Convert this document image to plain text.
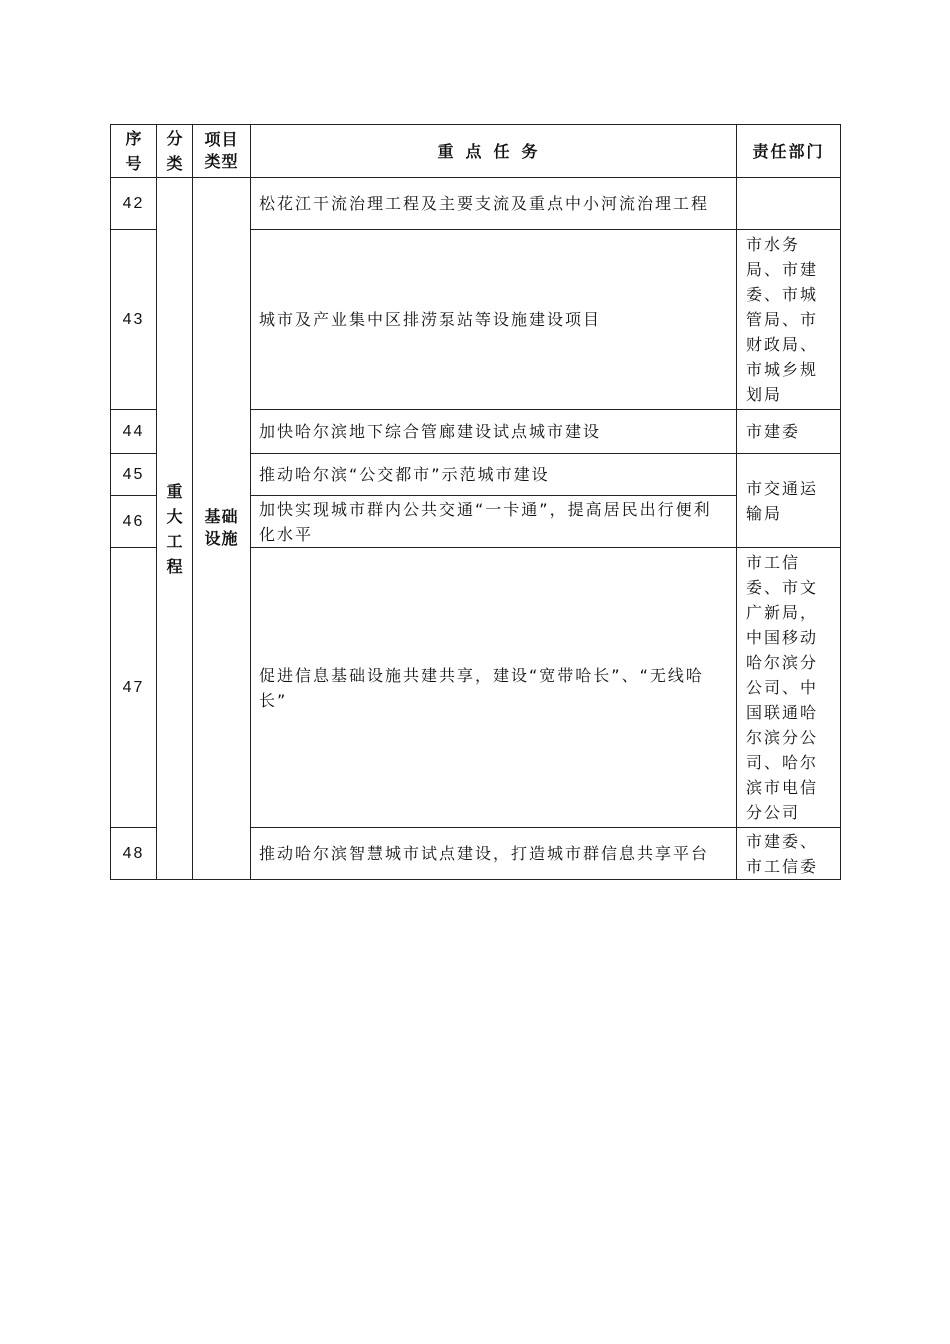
序号	分类	项目类型	重点任务	责任部门
42	重大工程	基础设施	松花江干流治理工程及主要支流及重点中小河流治理工程	
43			城市及产业集中区排涝泵站等设施建设项目	市水务局、市建委、市城管局、市财政局、市城乡规划局
44			加快哈尔滨地下综合管廊建设试点城市建设	市建委
45			推动哈尔滨“公交都市”示范城市建设	市交通运输局
46			加快实现城市群内公共交通“一卡通”，提高居民出行便利化水平	
47			促进信息基础设施共建共享，建设“宽带哈长”、“无线哈长”	市工信委、市文广新局，中国移动哈尔滨分公司、中国联通哈尔滨分公司、哈尔滨市电信分公司
48			推动哈尔滨智慧城市试点建设，打造城市群信息共享平台	市建委、市工信委
